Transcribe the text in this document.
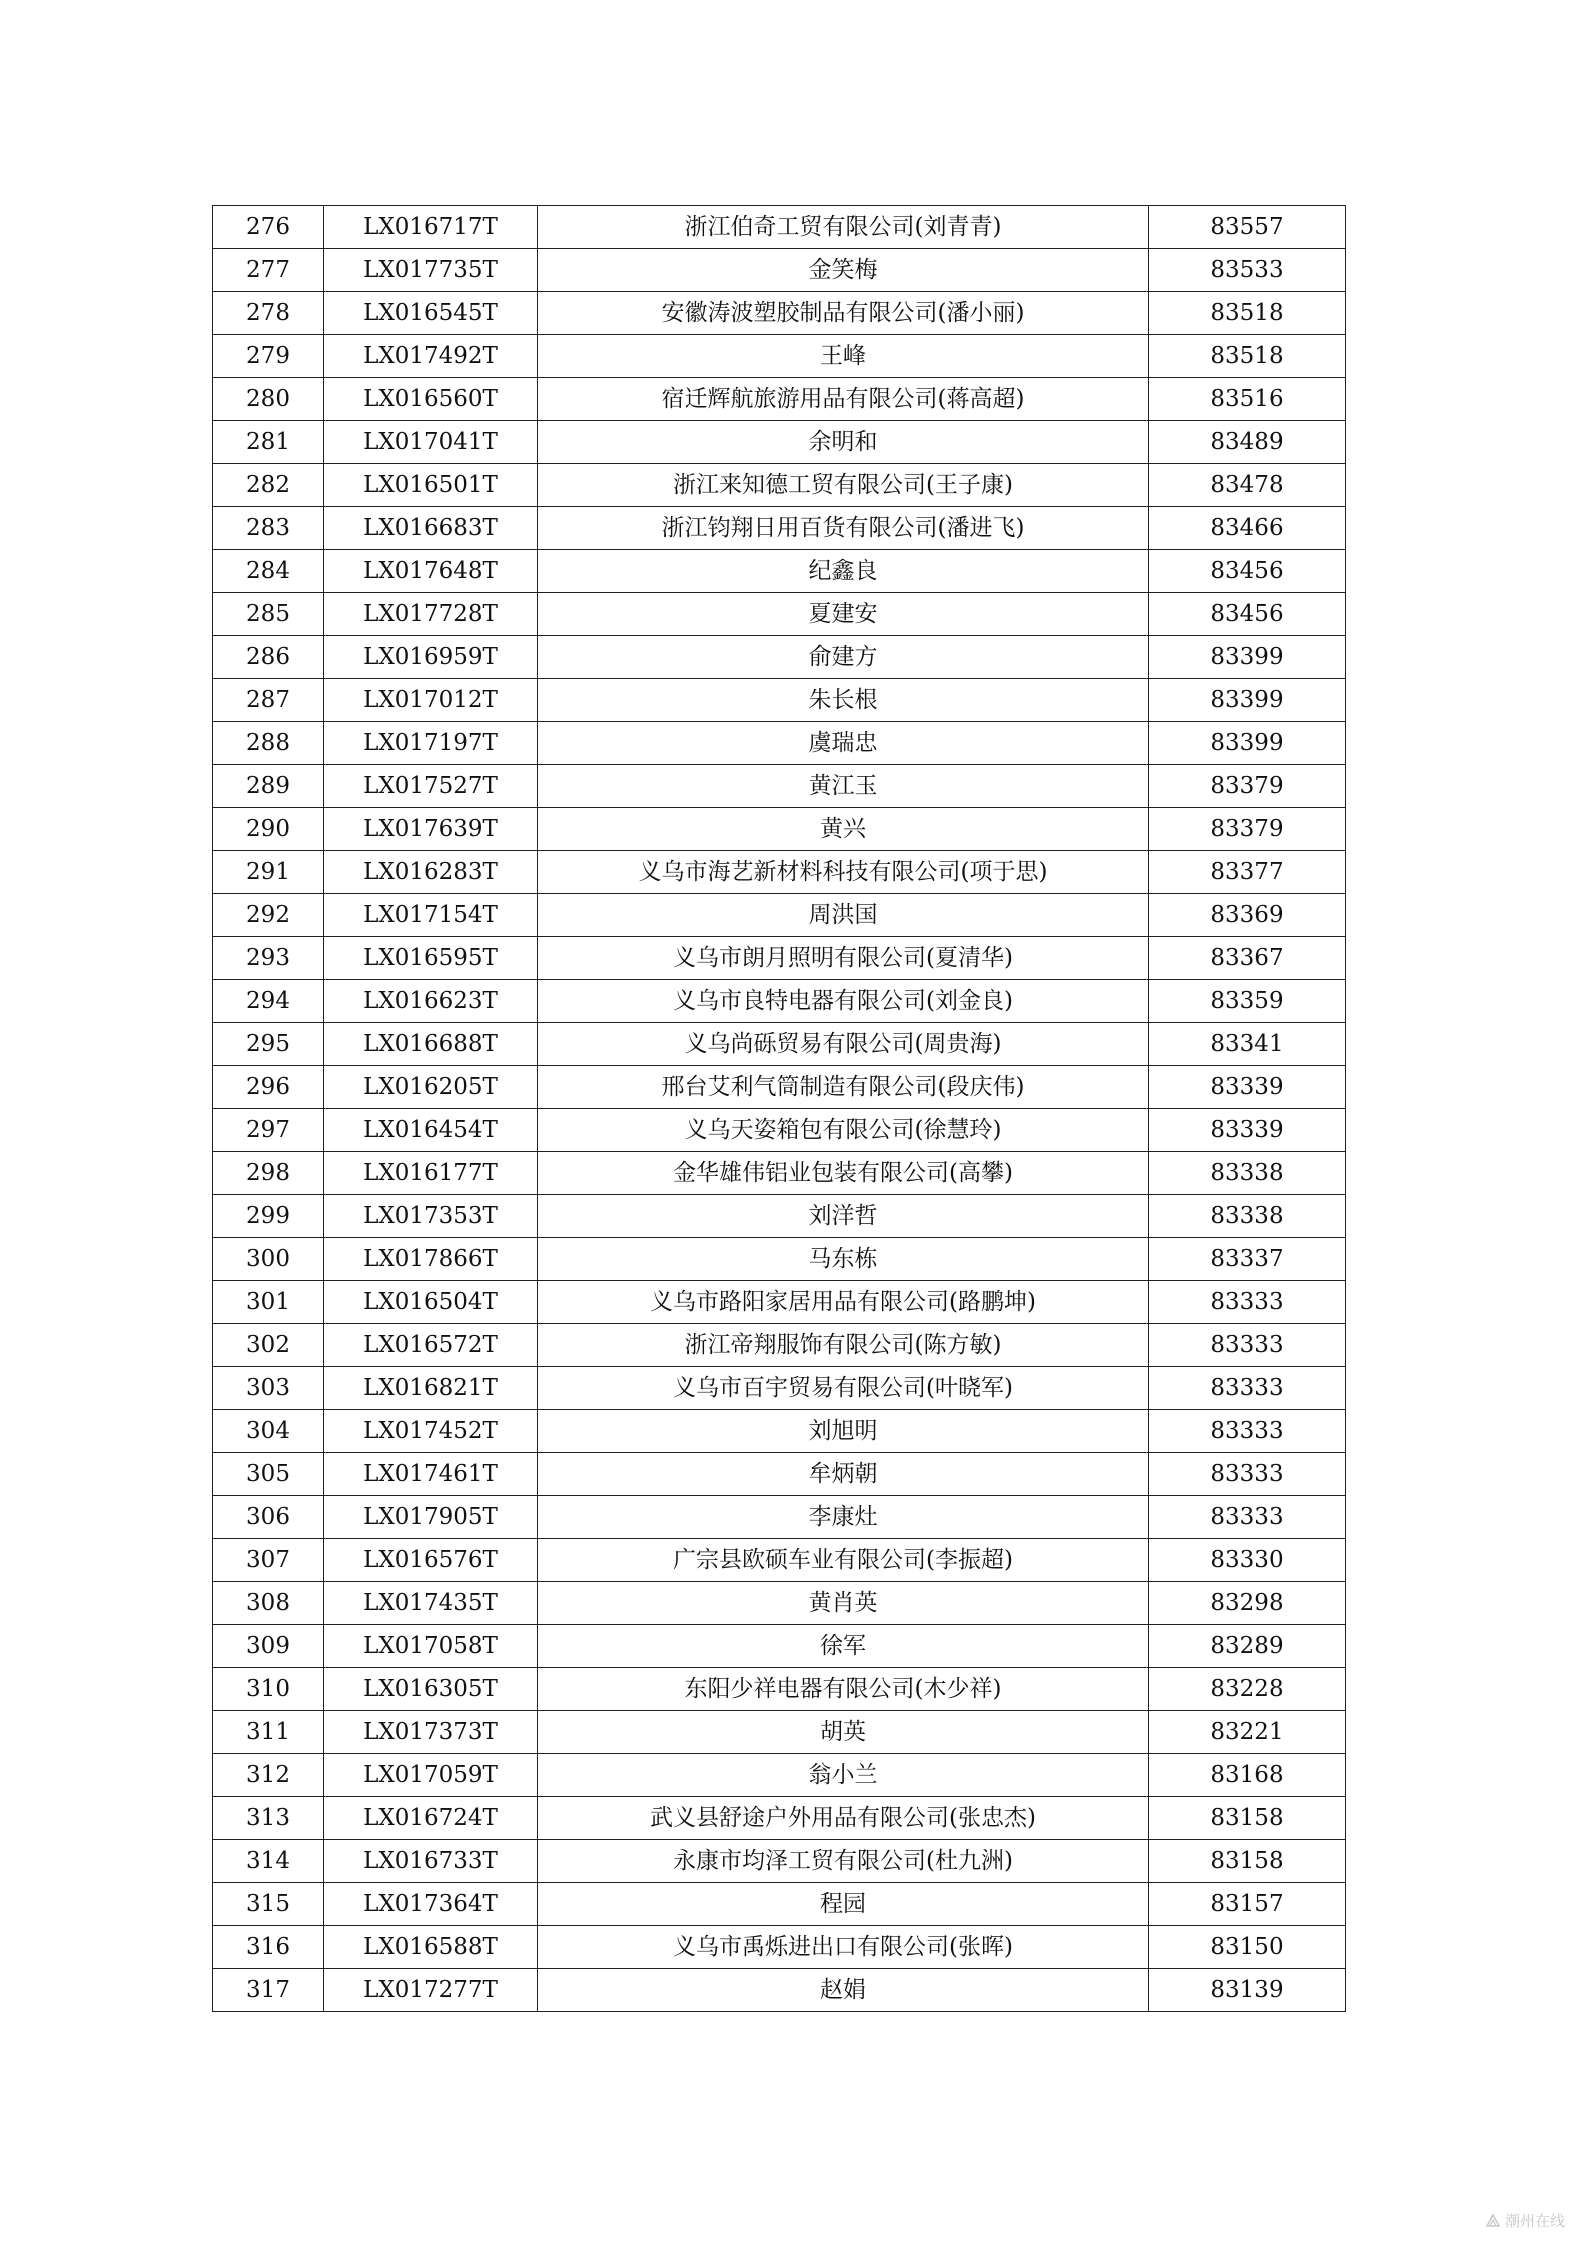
276	LX016717T	浙江伯奇工贸有限公司(刘青青)	83557
277	LX017735T	金笑梅	83533
278	LX016545T	安徽涛波塑胶制品有限公司(潘小丽)	83518
279	LX017492T	王峰	83518
280	LX016560T	宿迁辉航旅游用品有限公司(蒋高超)	83516
281	LX017041T	余明和	83489
282	LX016501T	浙江来知德工贸有限公司(王子康)	83478
283	LX016683T	浙江钧翔日用百货有限公司(潘进飞)	83466
284	LX017648T	纪鑫良	83456
285	LX017728T	夏建安	83456
286	LX016959T	俞建方	83399
287	LX017012T	朱长根	83399
288	LX017197T	虞瑞忠	83399
289	LX017527T	黄江玉	83379
290	LX017639T	黄兴	83379
291	LX016283T	义乌市海艺新材料科技有限公司(项于思)	83377
292	LX017154T	周洪国	83369
293	LX016595T	义乌市朗月照明有限公司(夏清华)	83367
294	LX016623T	义乌市良特电器有限公司(刘金良)	83359
295	LX016688T	义乌尚砾贸易有限公司(周贵海)	83341
296	LX016205T	邢台艾利气筒制造有限公司(段庆伟)	83339
297	LX016454T	义乌天姿箱包有限公司(徐慧玲)	83339
298	LX016177T	金华雄伟铝业包装有限公司(高攀)	83338
299	LX017353T	刘洋哲	83338
300	LX017866T	马东栋	83337
301	LX016504T	义乌市路阳家居用品有限公司(路鹏坤)	83333
302	LX016572T	浙江帝翔服饰有限公司(陈方敏)	83333
303	LX016821T	义乌市百宇贸易有限公司(叶晓军)	83333
304	LX017452T	刘旭明	83333
305	LX017461T	牟炳朝	83333
306	LX017905T	李康灶	83333
307	LX016576T	广宗县欧硕车业有限公司(李振超)	83330
308	LX017435T	黄肖英	83298
309	LX017058T	徐军	83289
310	LX016305T	东阳少祥电器有限公司(木少祥)	83228
311	LX017373T	胡英	83221
312	LX017059T	翁小兰	83168
313	LX016724T	武义县舒途户外用品有限公司(张忠杰)	83158
314	LX016733T	永康市均泽工贸有限公司(杜九洲)	83158
315	LX017364T	程园	83157
316	LX016588T	义乌市禹烁进出口有限公司(张晖)	83150
317	LX017277T	赵娟	83139
潮州在线
